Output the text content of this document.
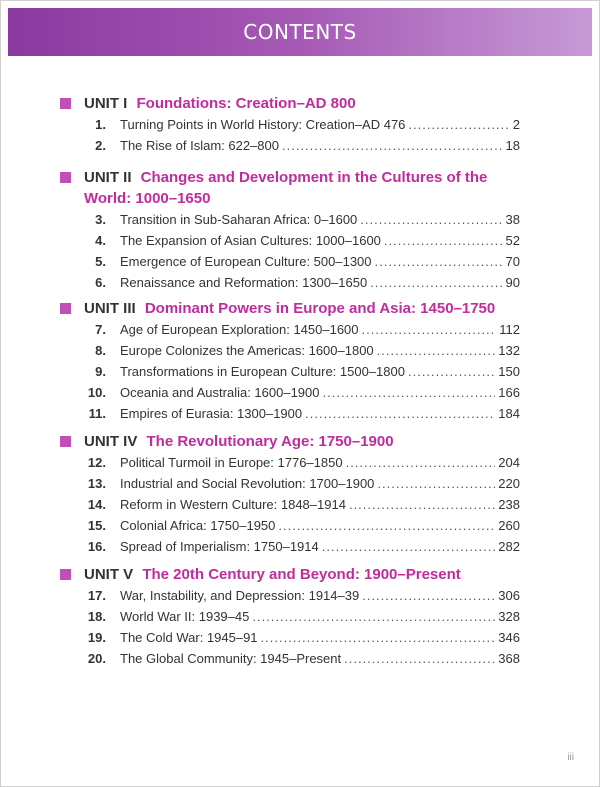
CONTENTS
UNIT I Foundations: Creation–AD 800
1. Turning Points in World History: Creation–AD 476 .....	2
2. The Rise of Islam: 622–800 .....	18
UNIT II Changes and Development in the Cultures of the World: 1000–1650
3. Transition in Sub-Saharan Africa: 0–1600 .....	38
4. The Expansion of Asian Cultures: 1000–1600 .....	52
5. Emergence of European Culture: 500–1300 .....	70
6. Renaissance and Reformation: 1300–1650 .....	90
UNIT III Dominant Powers in Europe and Asia: 1450–1750
7. Age of European Exploration: 1450–1600 .....	112
8. Europe Colonizes the Americas: 1600–1800 .....	132
9. Transformations in European Culture: 1500–1800 .....	150
10. Oceania and Australia: 1600–1900 .....	166
11. Empires of Eurasia: 1300–1900 .....	184
UNIT IV The Revolutionary Age: 1750–1900
12. Political Turmoil in Europe: 1776–1850 .....	204
13. Industrial and Social Revolution: 1700–1900 .....	220
14. Reform in Western Culture: 1848–1914 .....	238
15. Colonial Africa: 1750–1950 .....	260
16. Spread of Imperialism: 1750–1914 .....	282
UNIT V The 20th Century and Beyond: 1900–Present
17. War, Instability, and Depression: 1914–39 .....	306
18. World War II: 1939–45 .....	328
19. The Cold War: 1945–91 .....	346
20. The Global Community: 1945–Present .....	368
iii
